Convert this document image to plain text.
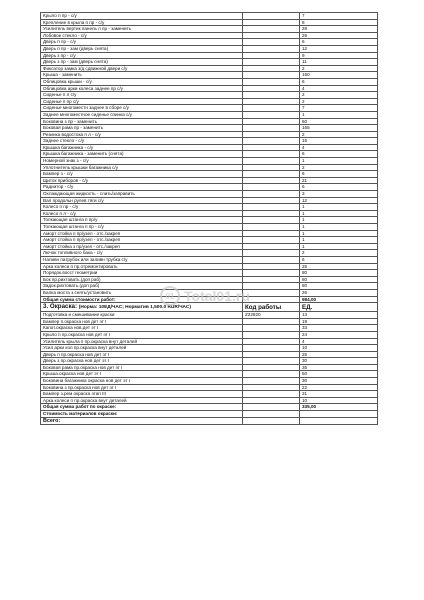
Крыло п пр - с/у		7
Крепление в крыла п пр - с/у		8
Усилитель вертик панель п пр - заменить		28
Лобовое стекло - с/у		26
Дверь п пр - с/у		6
Дверь п пр - зам (дверь снята)		12
Дверь з пр - с/у		9
Дверь з пр - зам (дверь снята)		11
Фиксатор замка з/д сдвижной двери с/у		2
Крыша - заменить		150
Облицовка крыши - с/у		6
Облицовка арки колеса заднее пр с/у		4
Сиденье п л с/у		2
Сиденье п пр с/у		2
Сиденье многоместн заднее в сборе с/у		7
Заднее многоместное сиденье спинка с/у		1
Боковина з пр - заменить		60
Боковая рама пр - заменить		165
Резинка водостока п л - с/у		2
Заднее стекло - с/у		15
Крышка багажника - с/у		4
Крышка багажника - заменить (снята)		6
Номерной знак з - с/у		1
Уплотнитель крышки багажника с/у		2
Бампер з - с/у		6
Щиток приборов - с/у		21
Радиатор - с/у		6
Охлаждающая жидкость - слить/заправить		3
Вал продольн рулев тяги с/у		12
Колесо п пр - с/у		1
Колесо п л - с/у		1
Толкающая штанга п пр/у		1
Толкающая штанга п пр - с/у		1
Аморт стойка п пр/узел - отс./закреп		1
Аморт стойка п пр/узел - отс./закреп		1
Аморт стойка з пр/узел - отс./закреп		1
Лючок топливного бака - с/у		2
Наливн патрубок или заливн трубка с/у		6
Арка колеси п пр.отремонтировать		25
Порядок.восст геометрии		80
Бок пр.рихтовать.(доп раб)		80
Задок.рихтовать.(доп раб)		80
Балка моста з.снять/установить		26
Общая сумма стоимости работ:		984,00
3. Окраска: (Норма: 10ЕД/ЧАС; Норматив 1,500.0 RUR/ЧАС)	Код работы	ЕД.
Подготовка и смешивание краски	Z22920	13
Бампер п.окраска нов дет эт I		19
Капот.окраска нов.дет эт I		33
Крыло п пр.окраска нов дет эт I		24
Усилитель крыла п пр.окраска внут деталей		4
Усил арки кол пр.окраска внут деталей		10
Дверь п пр.окраска нов дет эт I		25
Дверь з пр.окраска нов дет эт I		30
Боковая рама пр.окраска нов дет эт I		35
Крыша.окраска нов дет эт I		50
Боковина багажника окраска нов дет эт I		30
Боковина з пр.окраска нов дет эт I		22
Бампер з.рем окраска этап III		31
Арка колеси п пр.окраска внут деталей		10
Общая сумма работ по окраске:		335,00
Стоимость материалов окраски:		
Всего:		
01 Total01.ru
